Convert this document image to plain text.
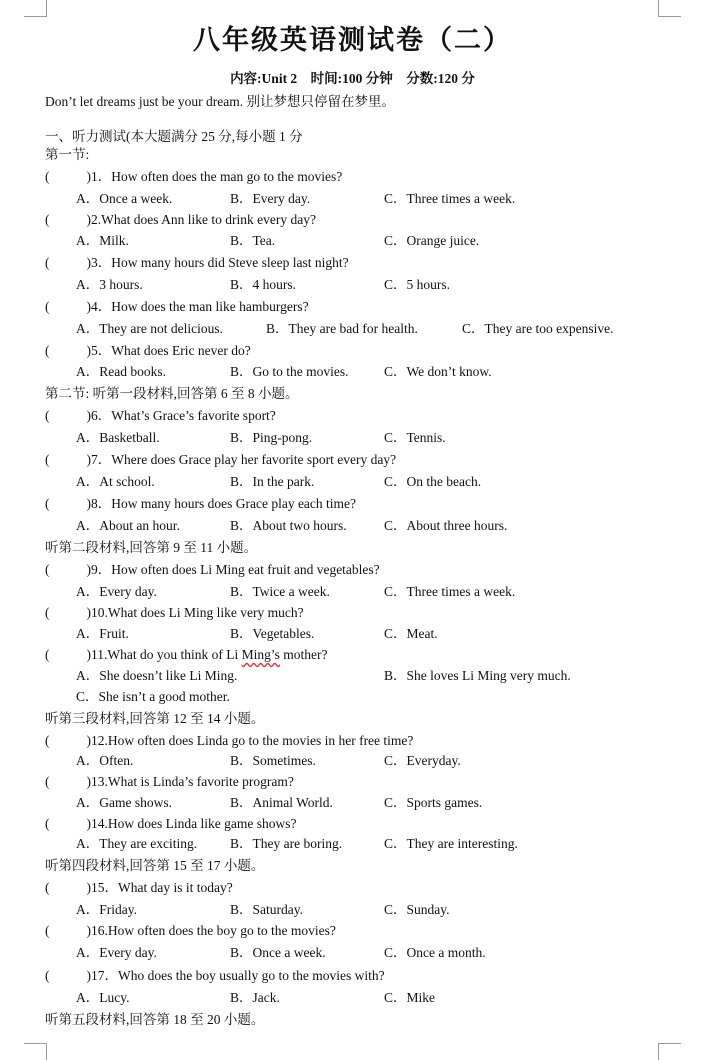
八年级英语测试卷（二）
内容:Unit 2　时间:100 分钟　分数:120 分
Don’t let dreams just be your dream. 别让梦想只停留在梦里。
一、听力测试(本大题满分 25 分,每小题 1 分
第一节:
(　)1．How often does the man go to the movies?
A．Once a week.	B．Every day.	C．Three times a week.
(　)2.What does Ann like to drink every day?
A．Milk.	B．Tea.	C．Orange juice.
(　)3．How many hours did Steve sleep last night?
A．3 hours.	B．4 hours.	C．5 hours.
(　)4．How does the man like hamburgers?
A．They are not delicious.	B．They are bad for health.	C．They are too expensive.
(　)5．What does Eric never do?
A．Read books.	B．Go to the movies.	C．We don’t know.
第二节: 听第一段材料,回答第 6 至 8 小题。
(　)6．What’s Grace’s favorite sport?
A．Basketball.	B．Ping-pong.	C．Tennis.
(　)7．Where does Grace play her favorite sport every day?
A．At school.	B．In the park.	C．On the beach.
(　)8．How many hours does Grace play each time?
A．About an hour.	B．About two hours.	C．About three hours.
听第二段材料,回答第 9 至 11 小题。
(　)9．How often does Li Ming eat fruit and vegetables?
A．Every day.	B．Twice a week.	C．Three times a week.
(　)10.What does Li Ming like very much?
A．Fruit.	B．Vegetables.	C．Meat.
(　)11.What do you think of Li Ming’s mother?
A．She doesn’t like Li Ming.	B．She loves Li Ming very much.
C．She isn’t a good mother.
听第三段材料,回答第 12 至 14 小题。
(　)12.How often does Linda go to the movies in her free time?
A．Often.	B．Sometimes.	C．Everyday.
(　)13.What is Linda’s favorite program?
A．Game shows.	B．Animal World.	C．Sports games.
(　)14.How does Linda like game shows?
A．They are exciting. B．They are boring.	C．They are interesting.
听第四段材料,回答第 15 至 17 小题。
(　)15．What day is it today?
A．Friday.	B．Saturday.	C．Sunday.
(　)16.How often does the boy go to the movies?
A．Every day.	B．Once a week.	C．Once a month.
(　)17．Who does the boy usually go to the movies with?
A．Lucy.	B．Jack.	C．Mike
听第五段材料,回答第 18 至 20 小题。
